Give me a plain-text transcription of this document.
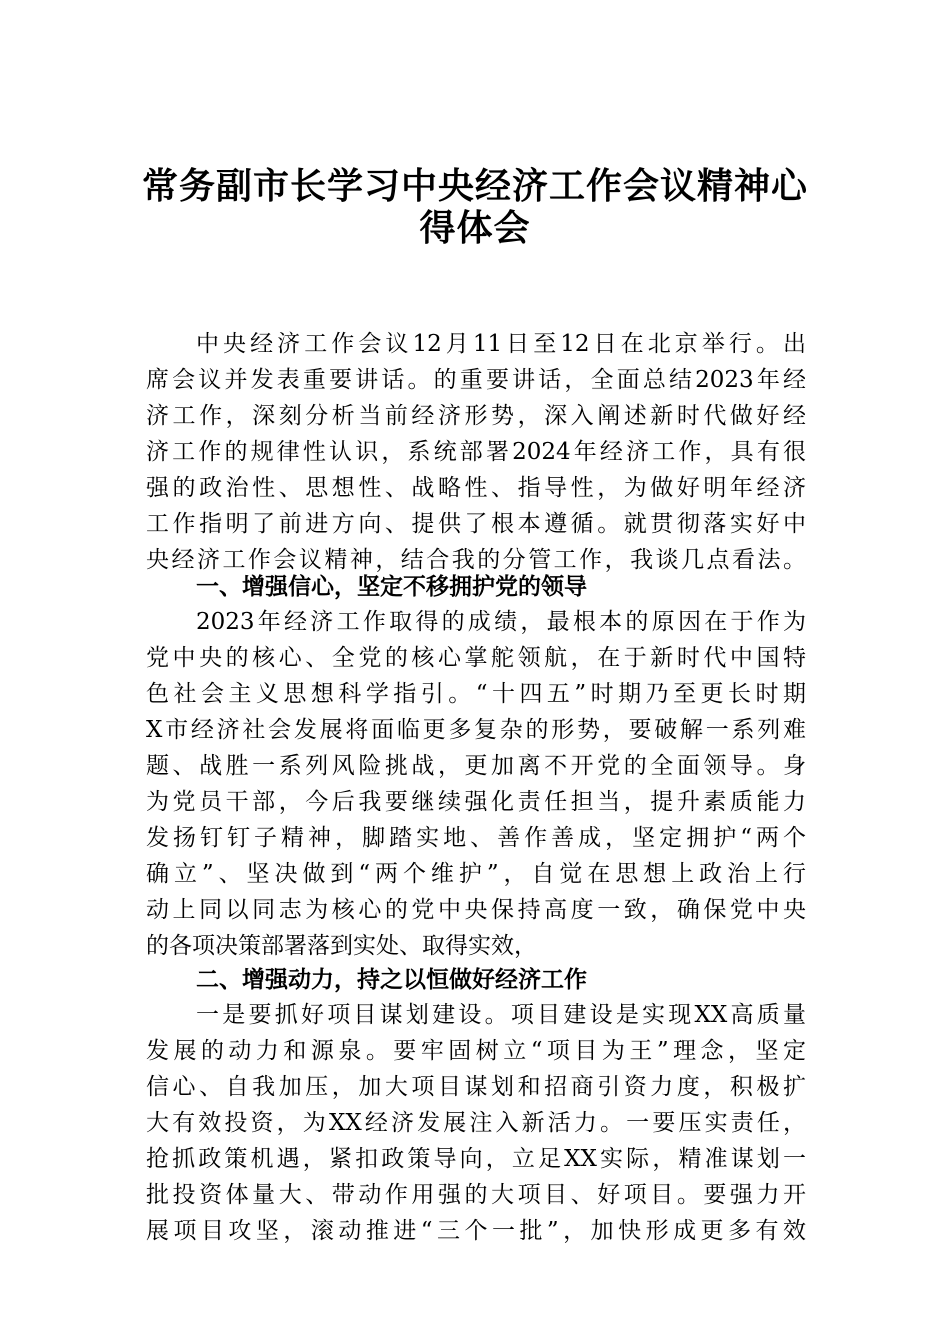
常务副市长学习中央经济工作会议精神心
得体会
中央经济工作会议12月11日至12日在北京举行。出
席会议并发表重要讲话。的重要讲话，全面总结2023年经
济工作，深刻分析当前经济形势，深入阐述新时代做好经
济工作的规律性认识，系统部署2024年经济工作，具有很
强的政治性、思想性、战略性、指导性，为做好明年经济
工作指明了前进方向、提供了根本遵循。就贯彻落实好中
央经济工作会议精神，结合我的分管工作，我谈几点看法。
一、增强信心，坚定不移拥护党的领导
2023年经济工作取得的成绩，最根本的原因在于作为
党中央的核心、全党的核心掌舵领航，在于新时代中国特
色社会主义思想科学指引。“十四五”时期乃至更长时期
X市经济社会发展将面临更多复杂的形势，要破解一系列难
题、战胜一系列风险挑战，更加离不开党的全面领导。身
为党员干部，今后我要继续强化责任担当，提升素质能力
发扬钉钉子精神，脚踏实地、善作善成，坚定拥护“两个
确立”、坚决做到“两个维护”，自觉在思想上政治上行
动上同以同志为核心的党中央保持高度一致，确保党中央
的各项决策部署落到实处、取得实效，
二、增强动力，持之以恒做好经济工作
一是要抓好项目谋划建设。项目建设是实现XX高质量
发展的动力和源泉。要牢固树立“项目为王”理念，坚定
信心、自我加压，加大项目谋划和招商引资力度，积极扩
大有效投资，为XX经济发展注入新活力。一要压实责任，
抢抓政策机遇，紧扣政策导向，立足XX实际，精准谋划一
批投资体量大、带动作用强的大项目、好项目。要强力开
展项目攻坚，滚动推进“三个一批”，加快形成更多有效
